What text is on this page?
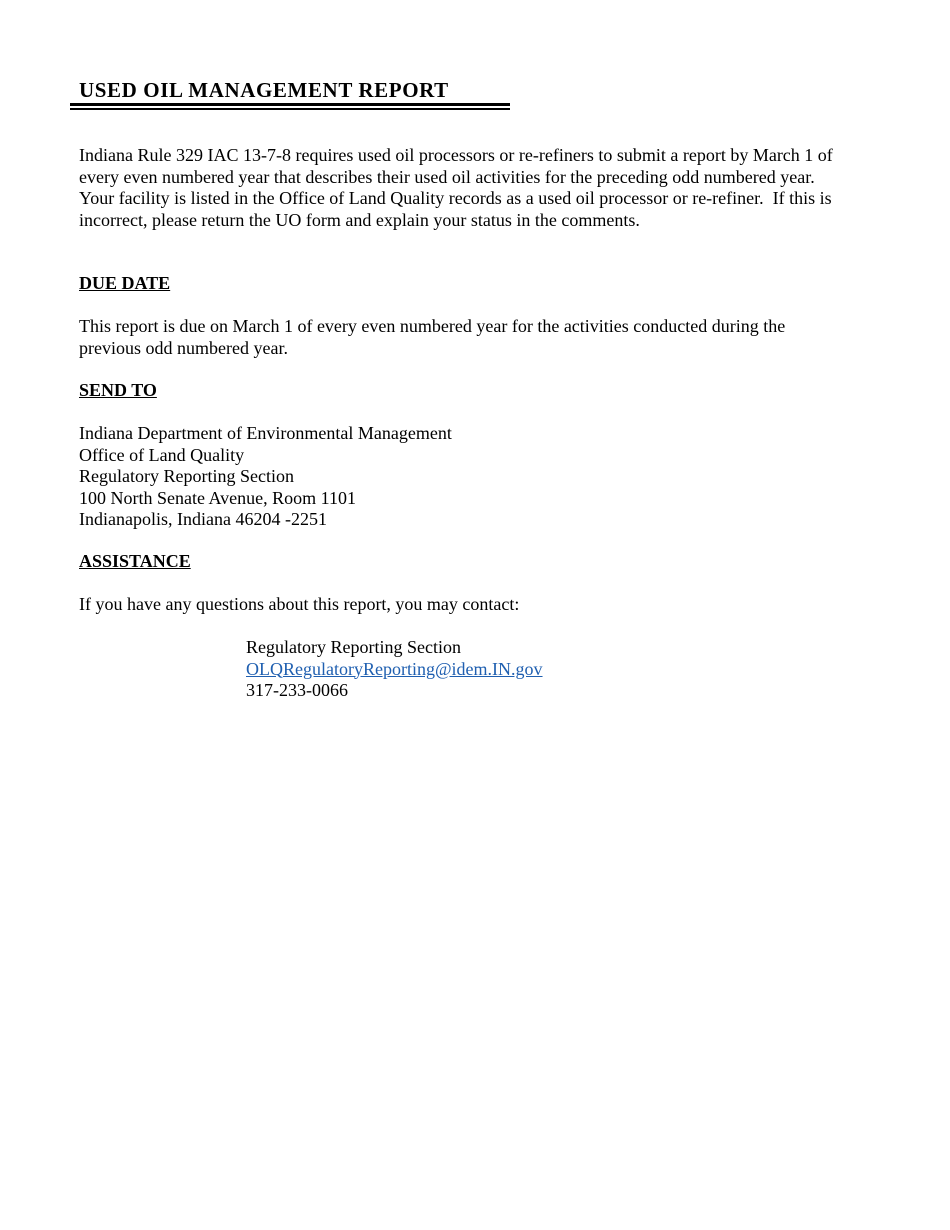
USED OIL MANAGEMENT REPORT
Indiana Rule 329 IAC 13-7-8 requires used oil processors or re-refiners to submit a report by March 1 of
every even numbered year that describes their used oil activities for the preceding odd numbered year.
Your facility is listed in the Office of Land Quality records as a used oil processor or re-refiner.  If this is
incorrect, please return the UO form and explain your status in the comments.
DUE DATE
This report is due on March 1 of every even numbered year for the activities conducted during the
previous odd numbered year.
SEND TO
Indiana Department of Environmental Management
Office of Land Quality
Regulatory Reporting Section
100 North Senate Avenue, Room 1101
Indianapolis, Indiana 46204 -2251
ASSISTANCE
If you have any questions about this report, you may contact:
Regulatory Reporting Section
OLQRegulatoryReporting@idem.IN.gov
317-233-0066
